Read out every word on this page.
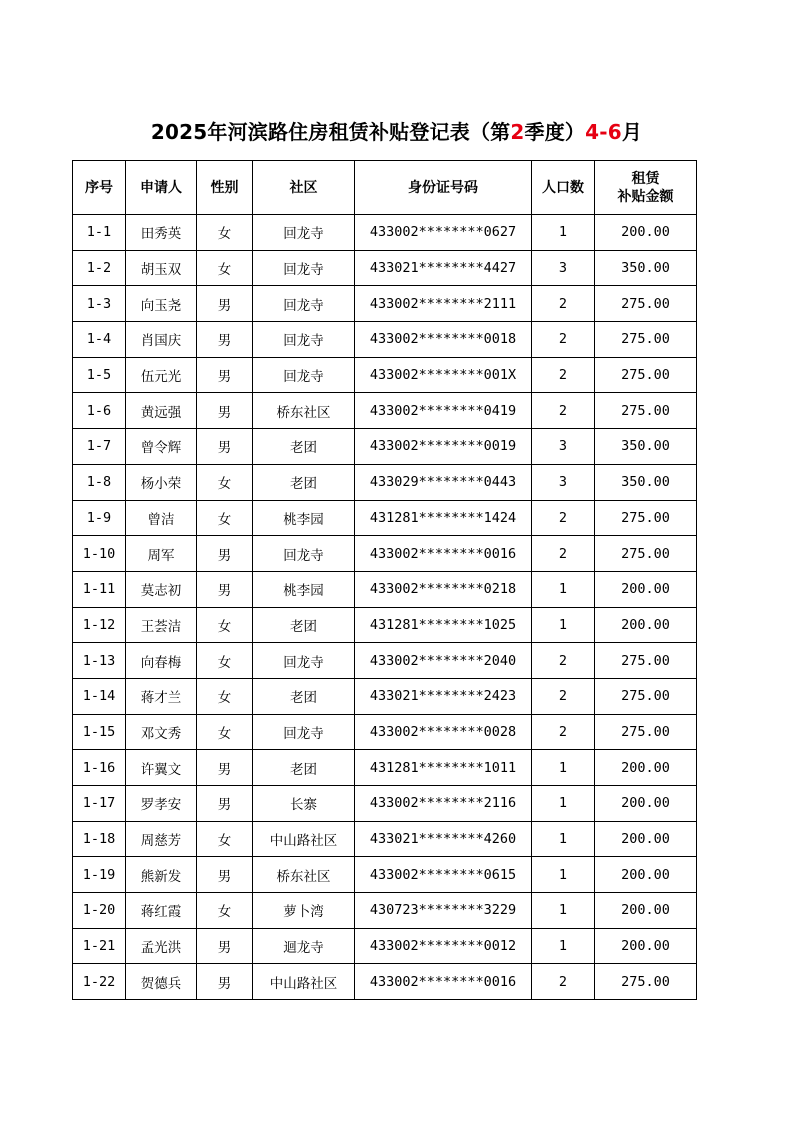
2025年河滨路住房租赁补贴登记表（第2季度）4-6月
序号	申请人	性别	社区	身份证号码	人口数	租赁
补贴金额
1-1	田秀英	女	回龙寺	433002********0627	1	200.00
1-2	胡玉双	女	回龙寺	433021********4427	3	350.00
1-3	向玉尧	男	回龙寺	433002********2111	2	275.00
1-4	肖国庆	男	回龙寺	433002********0018	2	275.00
1-5	伍元光	男	回龙寺	433002********001X	2	275.00
1-6	黄远强	男	桥东社区	433002********0419	2	275.00
1-7	曾令辉	男	老团	433002********0019	3	350.00
1-8	杨小荣	女	老团	433029********0443	3	350.00
1-9	曾洁	女	桃李园	431281********1424	2	275.00
1-10	周军	男	回龙寺	433002********0016	2	275.00
1-11	莫志初	男	桃李园	433002********0218	1	200.00
1-12	王荟洁	女	老团	431281********1025	1	200.00
1-13	向春梅	女	回龙寺	433002********2040	2	275.00
1-14	蒋才兰	女	老团	433021********2423	2	275.00
1-15	邓文秀	女	回龙寺	433002********0028	2	275.00
1-16	许翼文	男	老团	431281********1011	1	200.00
1-17	罗孝安	男	长寨	433002********2116	1	200.00
1-18	周慈芳	女	中山路社区	433021********4260	1	200.00
1-19	熊新发	男	桥东社区	433002********0615	1	200.00
1-20	蒋红霞	女	萝卜湾	430723********3229	1	200.00
1-21	孟光洪	男	迴龙寺	433002********0012	1	200.00
1-22	贺德兵	男	中山路社区	433002********0016	2	275.00
